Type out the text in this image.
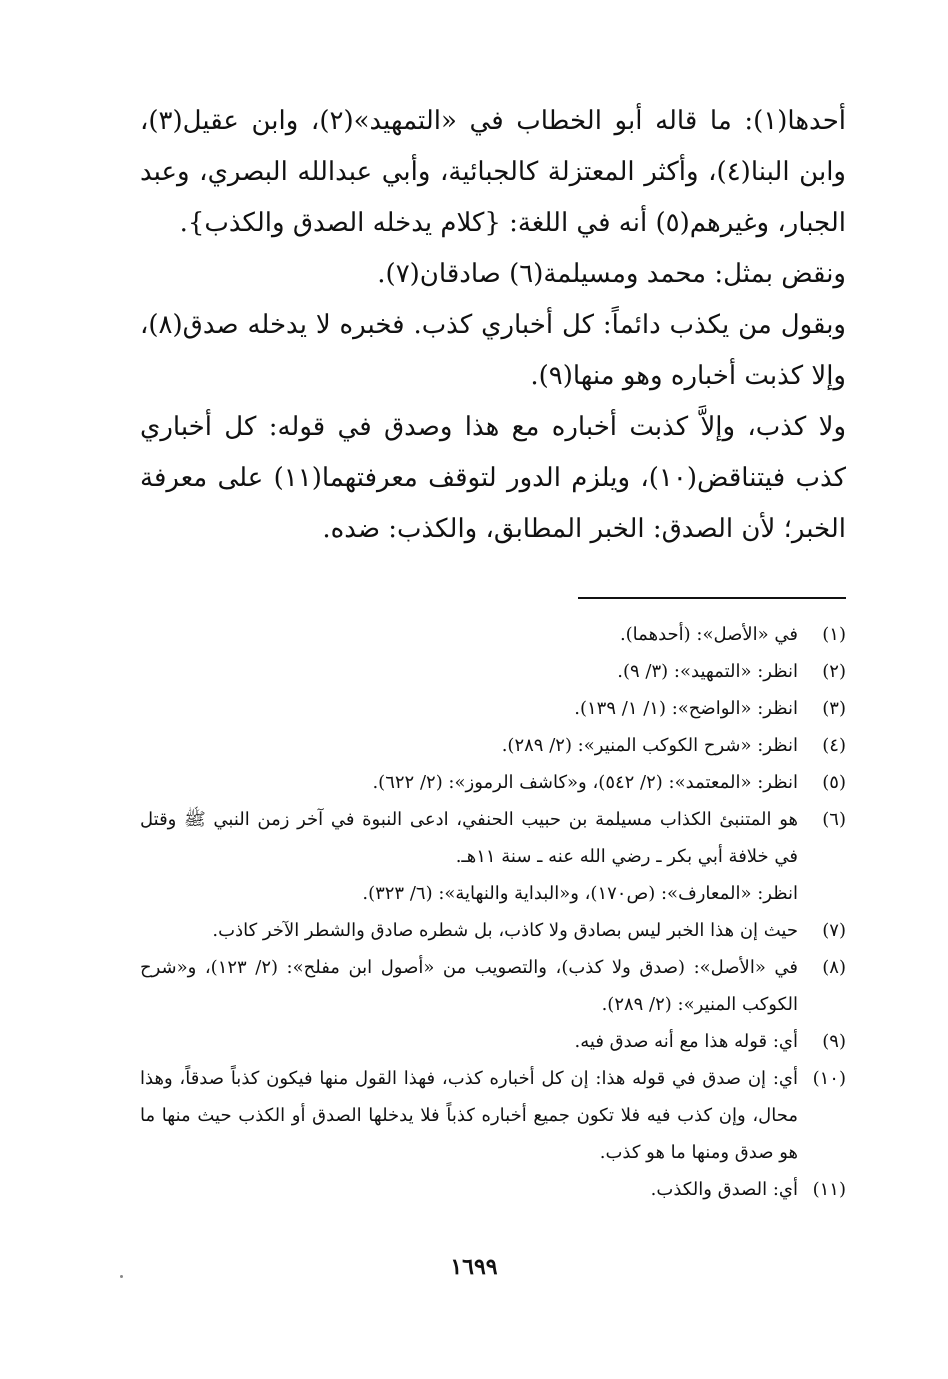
أحدها(١): ما قاله أبو الخطاب في «التمهيد»(٢)، وابن عقيل(٣)، وابن البنا(٤)، وأكثر المعتزلة كالجبائية، وأبي عبدالله البصري، وعبد الجبار، وغيرهم(٥) أنه في اللغة: {كلام يدخله الصدق والكذب}.

ونقض بمثل: محمد ومسيلمة(٦) صادقان(٧).

وبقول من يكذب دائماً: كل أخباري كذب. فخبره لا يدخله صدق(٨)، وإلا كذبت أخباره وهو منها(٩).

ولا كذب، وإلاَّ كذبت أخباره مع هذا وصدق في قوله: كل أخباري كذب فيتناقض(١٠)، ويلزم الدور لتوقف معرفتهما(١١) على معرفة الخبر؛ لأن الصدق: الخبر المطابق، والكذب: ضده.

(١)
في «الأصل»: (أحدهما).
(٢)
انظر: «التمهيد»: (٣/ ٩).
(٣)
انظر: «الواضح»: (١/ ١/ ١٣٩).
(٤)
انظر: «شرح الكوكب المنير»: (٢/ ٢٨٩).
(٥)
انظر: «المعتمد»: (٢/ ٥٤٢)، و«كاشف الرموز»: (٢/ ٦٢٢).
(٦)
هو المتنبئ الكذاب مسيلمة بن حبيب الحنفي، ادعى النبوة في آخر زمن النبي ﷺ وقتل في خلافة أبي بكر ـ رضي الله عنه ـ سنة ١١هـ.
انظر: «المعارف»: (ص١٧٠)، و«البداية والنهاية»: (٦/ ٣٢٣).
(٧)
حيث إن هذا الخبر ليس بصادق ولا كاذب، بل شطره صادق والشطر الآخر كاذب.
(٨)
في «الأصل»: (صدق ولا كذب)، والتصويب من «أصول ابن مفلح»: (٢/ ١٢٣)، و«شرح الكوكب المنير»: (٢/ ٢٨٩).
(٩)
أي: قوله هذا مع أنه صدق فيه.
(١٠)
أي: إن صدق في قوله هذا: إن كل أخباره كذب، فهذا القول منها فيكون كذباً صدقاً، وهذا محال، وإن كذب فيه فلا تكون جميع أخباره كذباً فلا يدخلها الصدق أو الكذب حيث منها ما هو صدق ومنها ما هو كذب.
(١١)
أي: الصدق والكذب.
١٦٩٩
